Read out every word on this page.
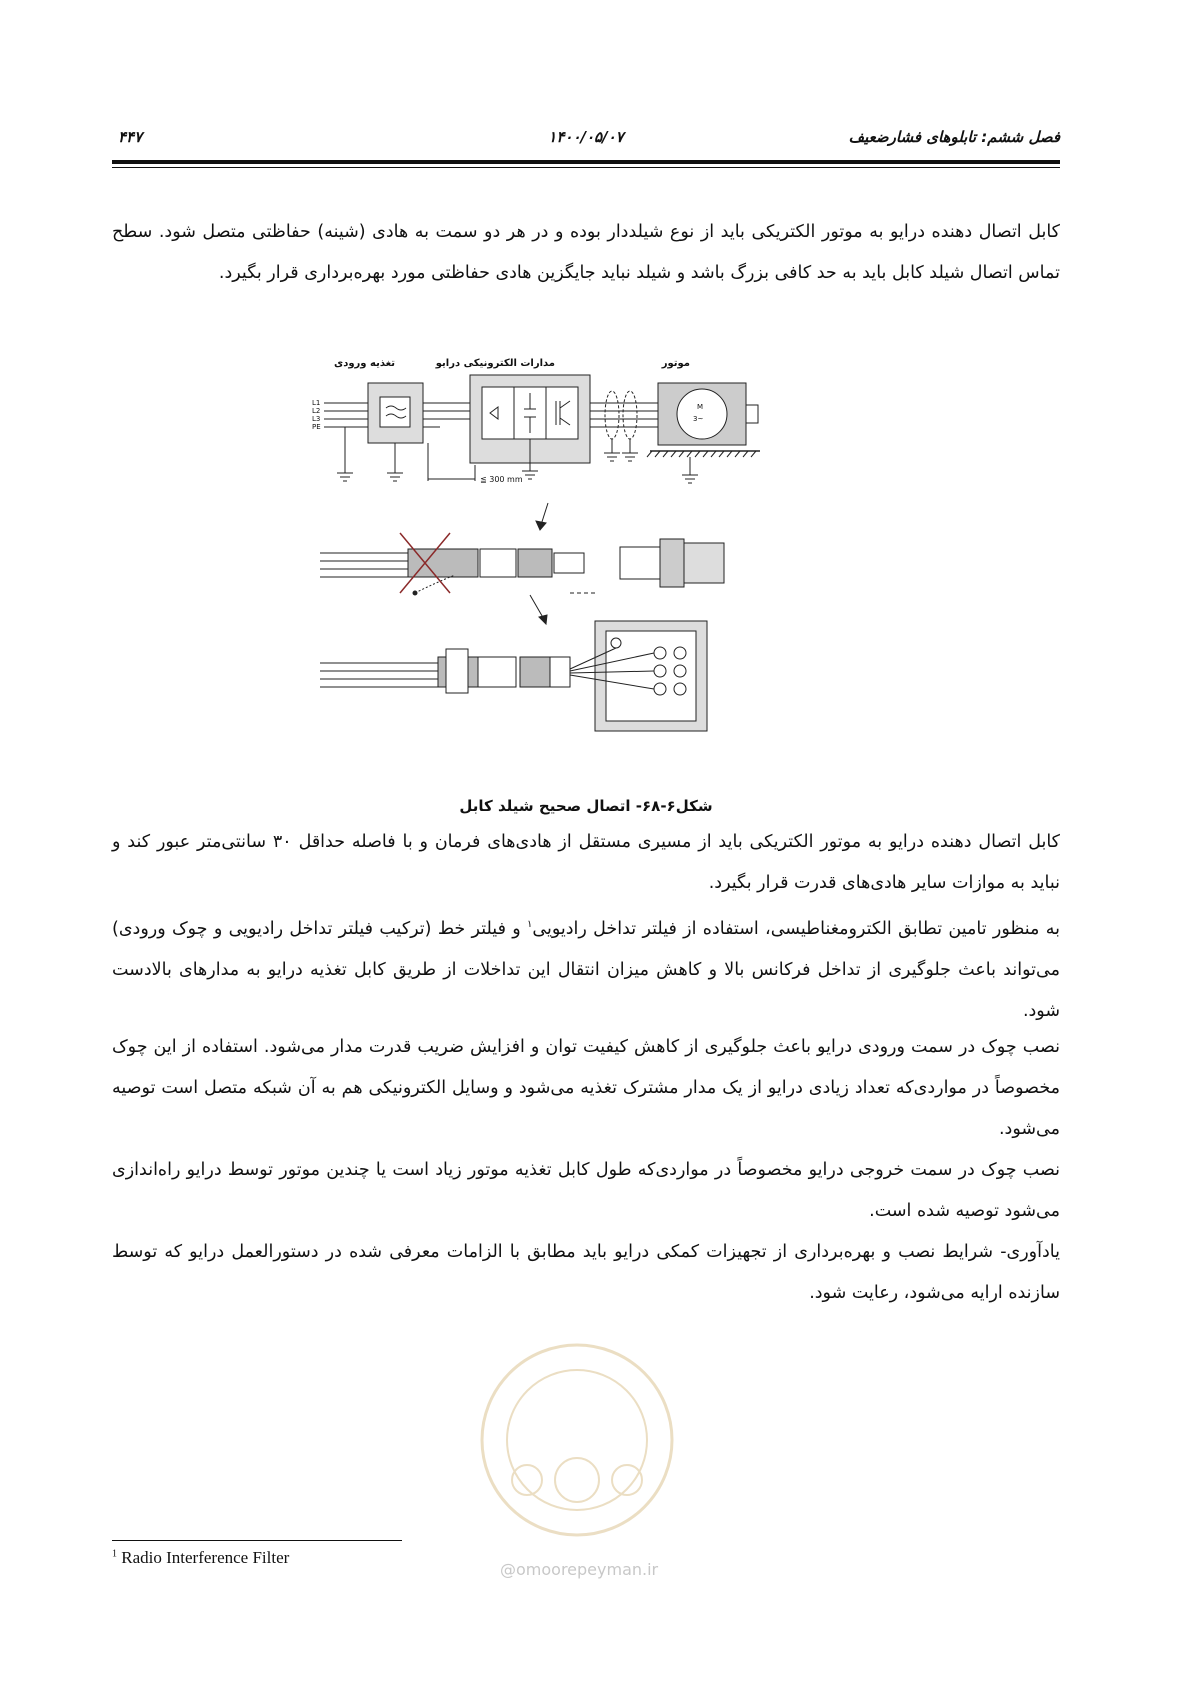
فصل ششم: تابلوهای فشارضعیف
۱۴۰۰/۰۵/۰۷
۴۴۷

کابل اتصال دهنده درایو به موتور الکتریکی باید از نوع شیلددار بوده و در هر دو سمت به هادی (شینه) حفاظتی متصل شود. سطح تماس اتصال شیلد کابل باید به حد کافی بزرگ باشد و شیلد نباید جایگزین هادی حفاظتی مورد بهره‌برداری قرار بگیرد.

تغذیه ورودی	مدارات الکترونیکی درایو	موتور
L1
L2
L3
PE
M
3~
≦ 300 mm
شکل۶-۶۸- اتصال صحیح شیلد کابل

کابل اتصال دهنده درایو به موتور الکتریکی باید از مسیری مستقل از هادی‌های فرمان و با فاصله حداقل ۳۰ سانتی‌متر عبور کند و نباید به موازات سایر هادی‌های قدرت قرار بگیرد.

به منظور تامین تطابق الکترومغناطیسی، استفاده از فیلتر تداخل رادیویی$^۱$ و فیلتر خط (ترکیب فیلتر تداخل رادیویی و چوک ورودی) می‌تواند باعث جلوگیری از تداخل فرکانس بالا و کاهش میزان انتقال این تداخلات از طریق کابل تغذیه درایو به مدارهای بالادست شود.

نصب چوک در سمت ورودی درایو باعث جلوگیری از کاهش کیفیت توان و افزایش ضریب قدرت مدار می‌شود. استفاده از این چوک مخصوصاً در مواردی‌که تعداد زیادی درایو از یک مدار مشترک تغذیه می‌شود و وسایل الکترونیکی هم به آن شبکه متصل است توصیه می‌شود.

نصب چوک در سمت خروجی درایو مخصوصاً در مواردی‌که طول کابل تغذیه موتور زیاد است یا چندین موتور توسط درایو راه‌اندازی می‌شود توصیه شده است.

یادآوری- شرایط نصب و بهره‌برداری از تجهیزات کمکی درایو باید مطابق با الزامات معرفی شده در دستورالعمل درایو که توسط سازنده ارایه می‌شود، رعایت شود.

@omoorepeyman.ir
$^1$ Radio Interference Filter
